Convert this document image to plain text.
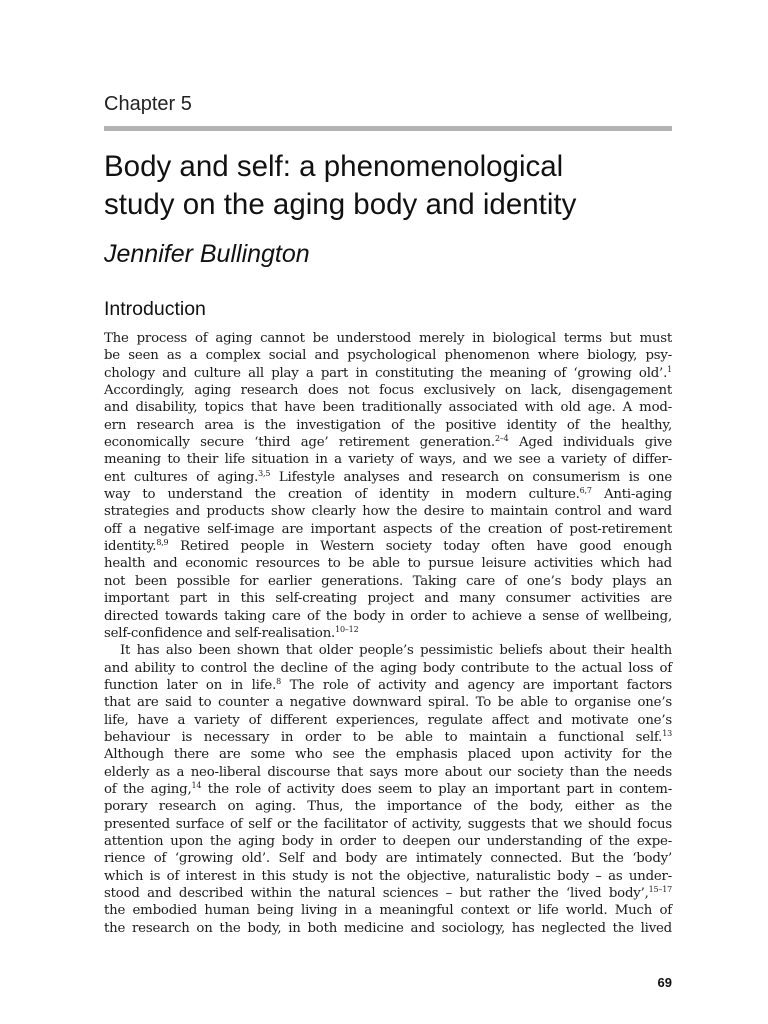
Chapter 5
Body and self: a phenomenological
study on the aging body and identity
Jennifer Bullington
Introduction
The process of aging cannot be understood merely in biological terms but must
be seen as a complex social and psychological phenomenon where biology, psy-
chology and culture all play a part in constituting the meaning of ‘growing old’.$^1$
Accordingly, aging research does not focus exclusively on lack, disengagement
and disability, topics that have been traditionally associated with old age. A mod-
ern research area is the investigation of the positive identity of the healthy,
economically secure ‘third age’ retirement generation.$^{2-4}$ Aged individuals give
meaning to their life situation in a variety of ways, and we see a variety of differ-
ent cultures of aging.$^{3,5}$ Lifestyle analyses and research on consumerism is one
way to understand the creation of identity in modern culture.$^{6,7}$ Anti-aging
strategies and products show clearly how the desire to maintain control and ward
off a negative self-image are important aspects of the creation of post-retirement
identity.$^{8,9}$ Retired people in Western society today often have good enough
health and economic resources to be able to pursue leisure activities which had
not been possible for earlier generations. Taking care of one’s body plays an
important part in this self-creating project and many consumer activities are
directed towards taking care of the body in order to achieve a sense of wellbeing,
self-confidence and self-realisation.$^{10-12}$
It has also been shown that older people’s pessimistic beliefs about their health
and ability to control the decline of the aging body contribute to the actual loss of
function later on in life.$^8$ The role of activity and agency are important factors
that are said to counter a negative downward spiral. To be able to organise one’s
life, have a variety of different experiences, regulate affect and motivate one’s
behaviour is necessary in order to be able to maintain a functional self.$^{13}$
Although there are some who see the emphasis placed upon activity for the
elderly as a neo-liberal discourse that says more about our society than the needs
of the aging,$^{14}$ the role of activity does seem to play an important part in contem-
porary research on aging. Thus, the importance of the body, either as the
presented surface of self or the facilitator of activity, suggests that we should focus
attention upon the aging body in order to deepen our understanding of the expe-
rience of ‘growing old’. Self and body are intimately connected. But the ‘body’
which is of interest in this study is not the objective, naturalistic body – as under-
stood and described within the natural sciences – but rather the ‘lived body’,$^{15-17}$
the embodied human being living in a meaningful context or life world. Much of
the research on the body, in both medicine and sociology, has neglected the lived
69
